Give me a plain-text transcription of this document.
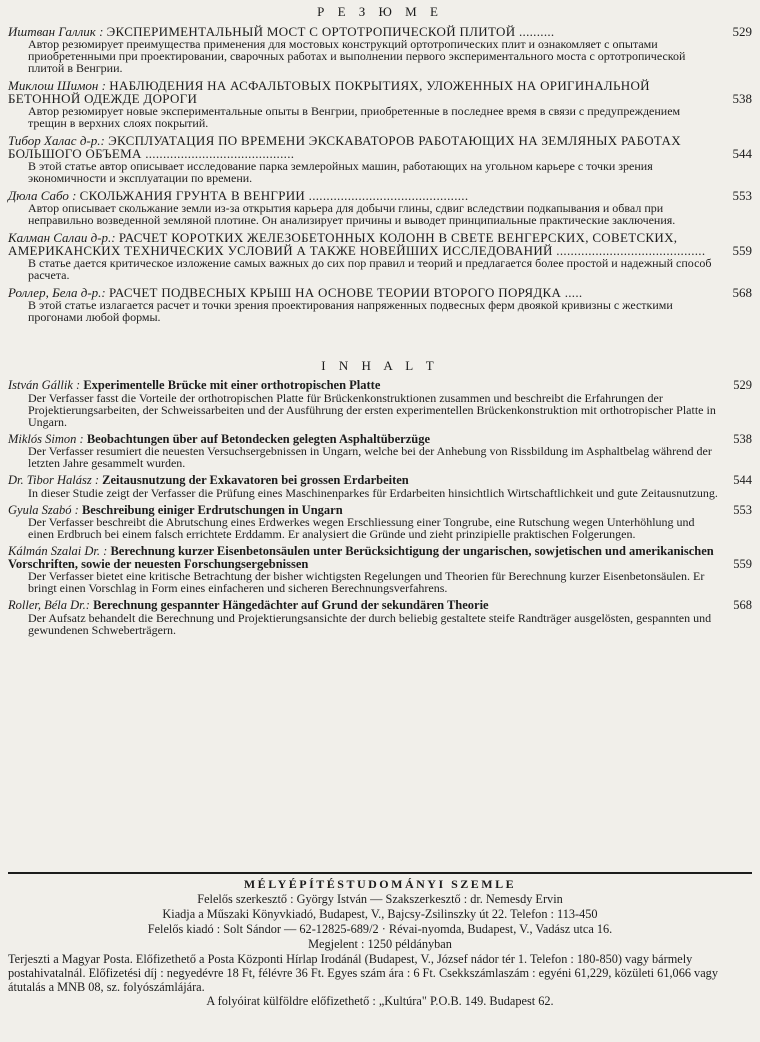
Р Е З Ю М Е
Иштван Галлик : ЭКСПЕРИМЕНТАЛЬНЫЙ МОСТ С ОРТОТРОПИЧЕСКОЙ ПЛИТОЙ ..........	529
Автор резюмирует преимущества применения для мостовых конструкций ортотропических плит и ознакомляет с опытами приобретенными при проектировании, сварочных работах и выполнении первого экспериментального моста с ортотропической плитой в Венгрии.
Миклош Шимон : НАБЛЮДЕНИЯ НА АСФАЛЬТОВЫХ ПОКРЫТИЯХ, УЛОЖЕННЫХ НА ОРИГИНАЛЬНОЙ БЕТОННОЙ ОДЕЖДЕ ДОРОГИ	538
Автор резюмирует новые экспериментальные опыты в Венгрии, приобретенные в последнее время в связи с предупреждением трещин в верхних слоях покрытий.
Тибор Халас д-р.: ЭКСПЛУАТАЦИЯ ПО ВРЕМЕНИ ЭКСКАВАТОРОВ РАБОТАЮЩИХ НА ЗЕМЛЯНЫХ РАБОТАХ БОЛЬШОГО ОБЪЕМА ..........................................	544
В этой статье автор описывает исследование парка землеройных машин, работающих на угольном карьере с точки зрения экономичности и эксплуатации по времени.
Дюла Сабо : СКОЛЬЖАНИЯ ГРУНТА В ВЕНГРИИ .............................................	553
Автор описывает скольжание земли из-за открытия карьера для добычи глины, сдвиг вследствии подкапывания и обвал при неправильно возведенной земляной плотине. Он анализирует причины и выводет принципиальные практические заключения.
Калман Салаи д-р.: РАСЧЕТ КОРОТКИХ ЖЕЛЕЗОБЕТОННЫХ КОЛОНН В СВЕТЕ ВЕНГЕРСКИХ, СОВЕТСКИХ, АМЕРИКАНСКИХ ТЕХНИЧЕСКИХ УСЛОВИЙ А ТАКЖЕ НОВЕЙШИХ ИССЛЕДОВАНИЙ .......................................... 559
В статье дается критическое изложение самых важных до сих пор правил и теорий и предлагается более простой и надежный способ расчета.
Роллер, Бела д-р.: РАСЧЕТ ПОДВЕСНЫХ КРЫШ НА ОСНОВЕ ТЕОРИИ ВТОРОГО ПОРЯДКА .....	568
В этой статье излагается расчет и точки зрения проектирования напряженных подвесных ферм двоякой кривизны с жесткими прогонами любой формы.
I N H A L T
István Gállik : Experimentelle Brücke mit einer orthotropischen Platte	529
Der Verfasser fasst die Vorteile der orthotropischen Platte für Brückenkonstruktionen zusammen und beschreibt die Erfahrungen der Projektierungsarbeiten, der Schweissarbeiten und der Ausführung der ersten experimentellen Brückenkonstruktion mit orthotropischer Platte in Ungarn.
Miklós Simon : Beobachtungen über auf Betondecken gelegten Asphaltüberzüge	538
Der Verfasser resumiert die neuesten Versuchsergebnissen in Ungarn, welche bei der Anhebung von Rissbildung im Asphaltbelag während der letzten Jahre gesammelt wurden.
Dr. Tibor Halász : Zeitausnutzung der Exkavatoren bei grossen Erdarbeiten	544
In dieser Studie zeigt der Verfasser die Prüfung eines Maschinenparkes für Erdarbeiten hinsichtlich Wirtschaftlichkeit und gute Zeitausnutzung.
Gyula Szabó : Beschreibung einiger Erdrutschungen in Ungarn	553
Der Verfasser beschreibt die Abrutschung eines Erdwerkes wegen Erschliessung einer Tongrube, eine Rutschung wegen Unterhöhlung und einen Erdbruch bei einem falsch errichtete Erddamm. Er analysiert die Gründe und zieht prinzipielle praktischen Folgerungen.
Kálmán Szalai Dr. : Berechnung kurzer Eisenbetonsäulen unter Berücksichtigung der ungarischen, sowjetischen und amerikanischen Vorschriften, sowie der neuesten Forschungsergebnissen	559
Der Verfasser bietet eine kritische Betrachtung der bisher wichtigsten Regelungen und Theorien für Berechnung kurzer Eisenbetonsäulen. Er bringt einen Vorschlag in Form eines einfacheren und sicheren Berechnungsverfahrens.
Roller, Béla Dr.: Berechnung gespannter Hängedächter auf Grund der sekundären Theorie	568
Der Aufsatz behandelt die Berechnung und Projektierungsansichte der durch beliebig gestaltete steife Randträger ausgelösten, gespannten und gewundenen Schweberträgern.
MÉLYÉPÍTÉSTUDOMÁNYI SZEMLE
Felelős szerkesztő : György István — Szakszerkesztő : dr. Nemesdy Ervin
Kiadja a Műszaki Könyvkiadó, Budapest, V., Bajcsy-Zsilinszky út 22. Telefon : 113-450
Felelős kiadó : Solt Sándor — 62-12825-689/2 · Révai-nyomda, Budapest, V., Vadász utca 16.
Megjelent : 1250 példányban
Terjeszti a Magyar Posta. Előfizethető a Posta Központi Hírlap Irodánál (Budapest, V., József nádor tér 1. Telefon : 180-850) vagy bármely postahivatalnál. Előfizetési díj : negyedévre 18 Ft, félévre 36 Ft. Egyes szám ára : 6 Ft. Csekkszámlaszám : egyéni 61,229, közületi 61,066 vagy átutalás a MNB 08, sz. folyószámlájára.
A folyóirat külföldre előfizethető : „Kultúra" P.O.B. 149. Budapest 62.
